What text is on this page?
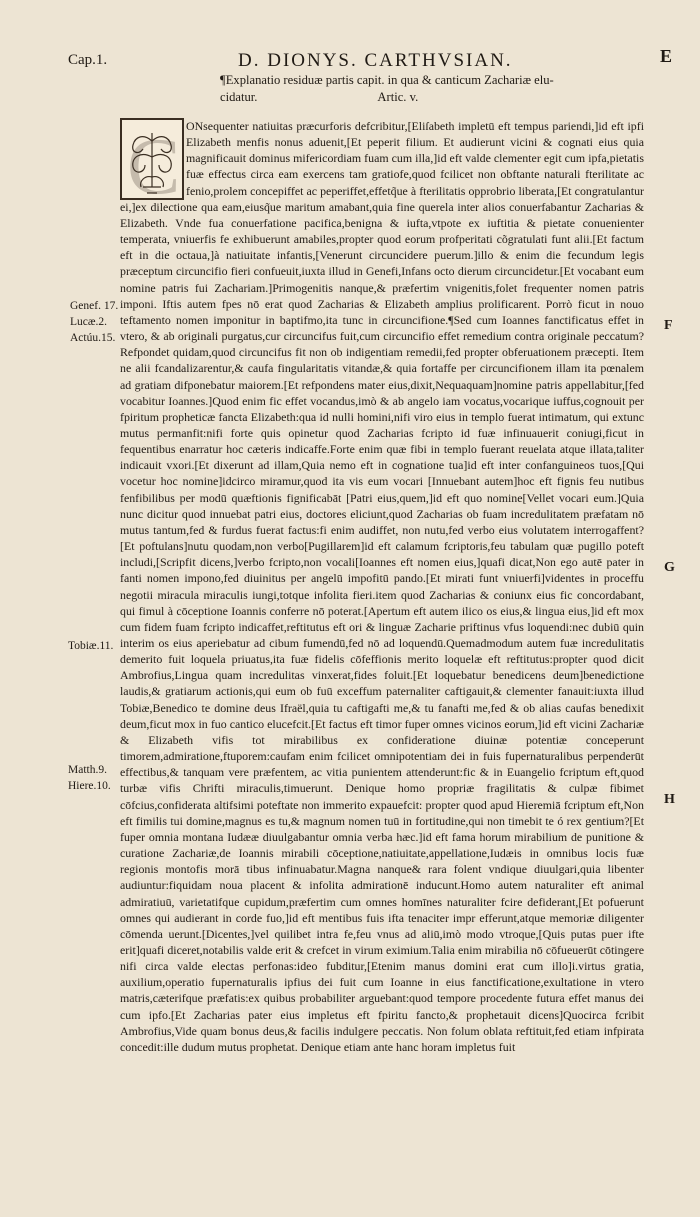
Cap.1.	D. DIONYS. CARTHVSIAN.	E
¶Explanatio residuæ partis capit. in qua & canticum Zachariæ elu-
cidatur.	Artic. v.
C ONsequenter natiuitas præcurforis defcribitur,[Eliſabeth impletū eft tempus pariendi,]id eft ipfi Elizabeth menfis nonus aduenit,[Et peperit filium. Et audierunt vicini & cognati eius quia magnificauit dominus mifericordiam fuam cum illa,]id eft valde clementer egit cum ipfa,pietatis fuæ effectus circa eam exercens tam gratiofe,quod fcilicet non obftante naturali fterilitate ac fenio,prolem concepiffet ac peperiffet,effetq̃ue à fterilitatis opprobrio liberata,[Et congratulantur ei,]ex dilectione qua eam,eiusq̃ue maritum amabant,quia fine querela inter alios conuerfabantur Zacharias & Elizabeth. Vnde fua conuerfatione pacifica,benigna & iufta,vtpote ex iuftitia & pietate conuenienter temperata, vniuerfis fe exhibuerunt amabiles,propter quod eorum profperitati cõgratulati funt alii.[Et factum eft in die octaua,]à natiuitate infantis,[Venerunt circuncidere puerum.]illo & enim die fecundum legis præceptum circuncifio fieri confueuit,iuxta illud in Genefi,Infans octo dierum circuncidetur.[Et vocabant eum nomine patris fui Zachariam.]Primogenitis nanque,& præfertim vnigenitis,folet frequenter nomen patris imponi. Iftis autem fpes nō erat quod Zacharias & Elizabeth amplius prolificarent. Porrò ficut in nouo teftamento nomen imponitur in baptifmo,ita tunc in circuncifione.¶Sed cum Ioannes fanctificatus effet in vtero, & ab originali purgatus,cur circuncifus fuit,cum circuncifio effet remedium contra originale peccatum?Refpondet quidam,quod circuncifus fit non ob indigentiam remedii,fed propter obferuationem præcepti. Item ne alii fcandalizarentur,& caufa fingularitatis vitandæ,& quia fortaffe per circuncifionem illam ita pœnalem ad gratiam difponebatur maiorem.[Et refpondens mater eius,dixit,Nequaquam]nomine patris appellabitur,[fed vocabitur Ioannes.]Quod enim fic effet vocandus,imò & ab angelo iam vocatus,vocarique iuffus,cognouit per fpiritum propheticæ fancta Elizabeth:qua id nulli homini,nifi viro eius in templo fuerat intimatum, qui extunc mutus permanfit:nifi forte quis opinetur quod Zacharias fcripto id fuæ infinuauerit coniugi,ficut in fequentibus enarratur hoc cæteris indicaffe.Forte enim quæ fibi in templo fuerant reuelata atque illata,taliter indicauit vxori.[Et dixerunt ad illam,Quia nemo eft in cognatione tua]id eft inter confanguineos tuos,[Qui vocetur hoc nomine]idcirco miramur,quod ita vis eum vocari [Innuebant autem]hoc eft fignis feu nutibus fenfibilibus per modū quæftionis fignificabāt [Patri eius,quem,]id eft quo nomine[Vellet vocari eum.]Quia nunc dicitur quod innuebat patri eius, doctores eliciunt,quod Zacharias ob fuam incredulitatem præfatam nō mutus tantum,fed & furdus fuerat factus:fi enim audiffet, non nutu,fed verbo eius volutatem interrogaffent?[Et poftulans]nutu quodam,non verbo[Pugillarem]id eft calamum fcriptoris,feu tabulam quæ pugillo poteft includi,[Scripfit dicens,]verbo fcripto,non vocali[Ioannes eft nomen eius,]quafi dicat,Non ego autē pater in fanti nomen impono,fed diuinitus per angelū impofitū pando.[Et mirati funt vniuerfi]videntes in proceffu negotii miracula miraculis iungi,totque infolita fieri.item quod Zacharias & coniunx eius fic concordabant, qui fimul à cōceptione Ioannis conferre nō poterat.[Apertum eft autem ilico os eius,& lingua eius,]id eft mox cum fidem fuam fcripto indicaffet,reftitutus eft ori & linguæ Zacharie priftinus vfus loquendi:nec dubiū quin interim os eius aperiebatur ad cibum fumendū,fed nō ad loquendū.Quemadmodum autem fuæ incredulitatis demerito fuit loquela priuatus,ita fuæ fidelis cōfeffionis merito loquelæ eft reftitutus:propter quod dicit Ambrofius,Lingua quam incredulitas vinxerat,fides foluit.[Et loquebatur benedicens deum]benedictione laudis,& gratiarum actionis,qui eum ob fuū exceffum paternaliter caftigauit,& clementer fanauit:iuxta illud Tobiæ,Benedico te domine deus Ifraël,quia tu caftigafti me,& tu fanafti me,fed & ob alias caufas benedixit deum,ficut mox in fuo cantico elucefcit.[Et factus eft timor fuper omnes vicinos eorum,]id eft vicini Zachariæ & Elizabeth vifis tot mirabilibus ex confideratione diuinæ potentiæ conceperunt timorem,admiratione,ftuporem:caufam enim fcilicet omnipotentiam dei in fuis fupernaturalibus perpenderūt effectibus,& tanquam vere præfentem, ac vitia punientem attenderunt:fic & in Euangelio fcriptum eft,quod turbæ vifis Chrifti miraculis,timuerunt. Denique homo propriæ fragilitatis & culpæ fibimet cōfcius,confiderata altifsimi poteftate non immerito expauefcit: propter quod apud Hieremiā fcriptum eft,Non eft fimilis tui domine,magnus es tu,& magnum nomen tuū in fortitudine,qui non timebit te ó rex gentium?[Et fuper omnia montana Iudææ diuulgabantur omnia verba hæc.]id eft fama horum mirabilium de punitione & curatione Zachariæ,de Ioannis mirabili cōceptione,natiuitate,appellatione,Iudæis in omnibus locis fuæ regionis montofis morā tibus infinuabatur.Magna nanque& rara folent vndique diuulgari,quia libenter audiuntur:fiquidam noua placent & infolita admirationē inducunt.Homo autem naturaliter eft animal admiratiuū, varietatifque cupidum,præfertim cum omnes homīnes naturaliter fcire defiderant,[Et pofuerunt omnes qui audierant in corde fuo,]id eft mentibus fuis ifta tenaciter impr efferunt,atque memoriæ diligenter cōmenda uerunt.[Dicentes,]vel quilibet intra fe,feu vnus ad aliū,imò modo vtroque,[Quis putas puer ifte erit]quafi diceret,notabilis valde erit & crefcet in virum eximium.Talia enim mirabilia nō cōfueuerūt cōtingere nifi circa valde electas perfonas:ideo fubditur,[Etenim manus domini erat cum illo]i.virtus gratia, auxilium,operatio fupernaturalis ipfius dei fuit cum Ioanne in eius fanctificatione,exultatione in vtero matris,cæterifque præfatis:ex quibus probabiliter arguebant:quod tempore procedente futura effet manus dei cum ipfo.[Et Zacharias pater eius impletus eft fpiritu fancto,& prophetauit dicens]Quocirca fcribit Ambrofius,Vide quam bonus deus,& facilis indulgere peccatis. Non folum oblata reftituit,fed etiam infpirata concedit:ille dudum mutus prophetat. Denique etiam ante hanc horam impletus fuit
Genef. 17.
Lucæ.2.
Actúu.15.
Tobiæ.11.
Matth.9.
Hiere.10.
F
G
H
